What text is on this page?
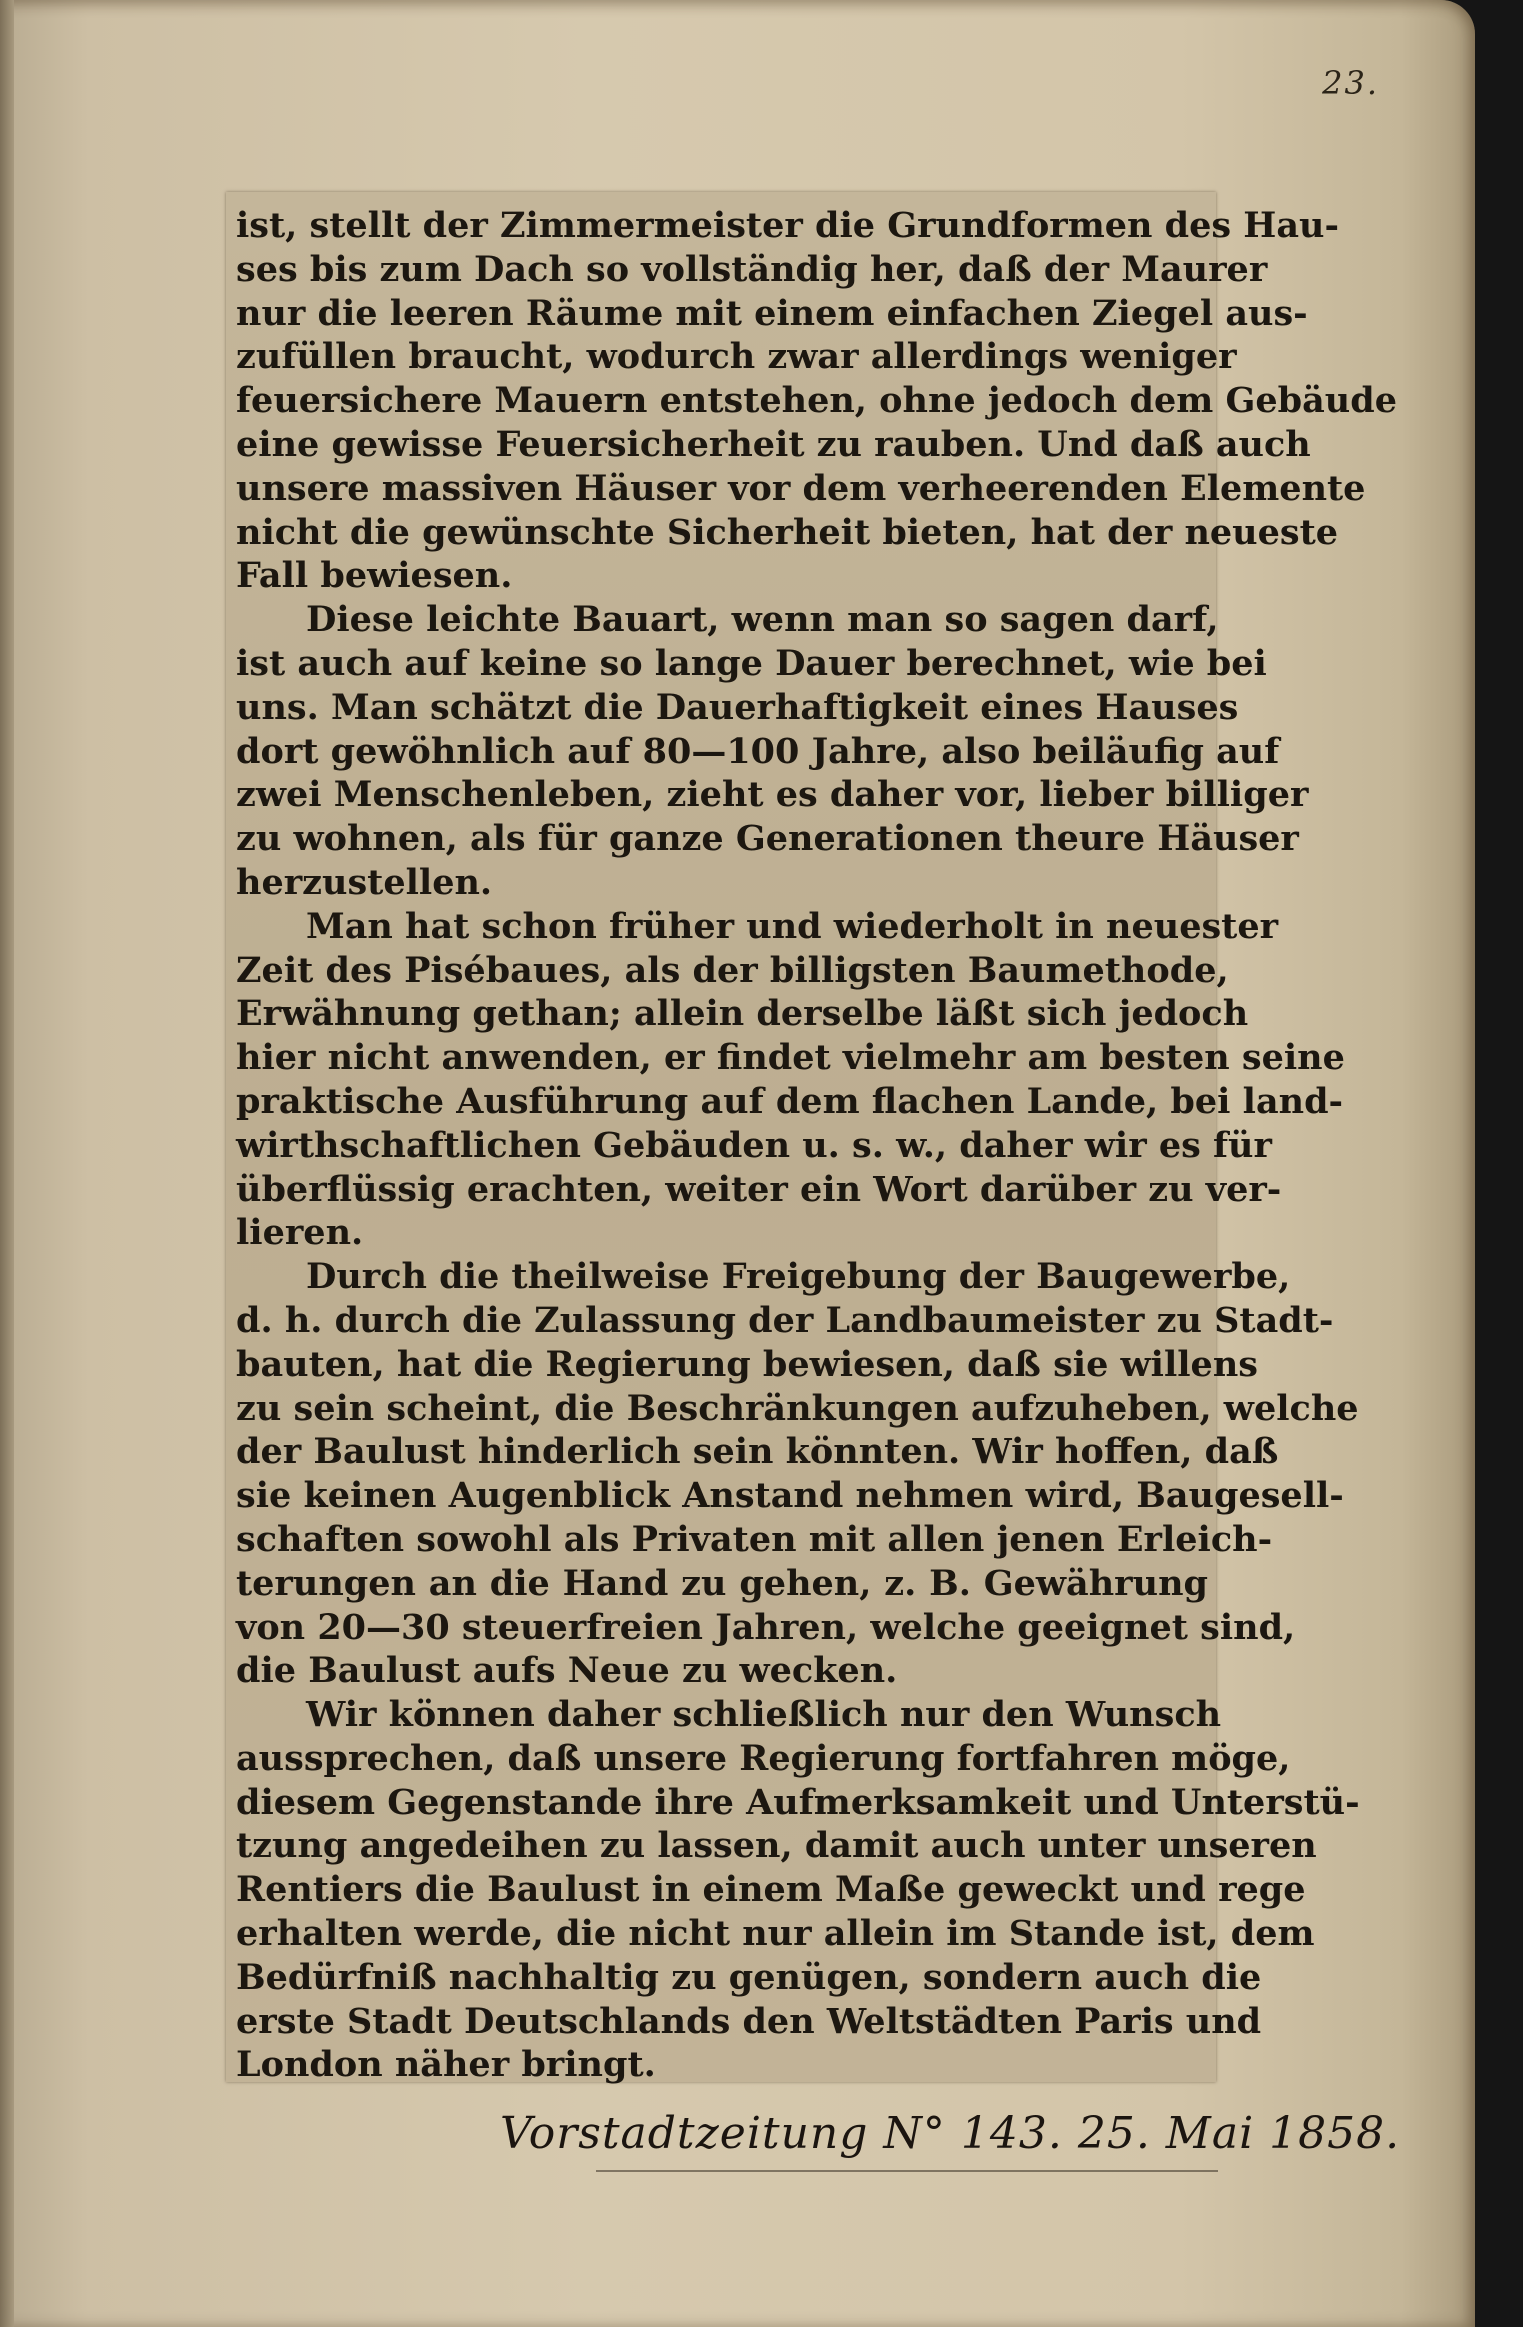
23.
ist, stellt der Zimmermeister die Grundformen des Hau-
ses bis zum Dach so vollständig her, daß der Maurer
nur die leeren Räume mit einem einfachen Ziegel aus-
zufüllen braucht, wodurch zwar allerdings weniger
feuersichere Mauern entstehen, ohne jedoch dem Gebäude
eine gewisse Feuersicherheit zu rauben. Und daß auch
unsere massiven Häuser vor dem verheerenden Elemente
nicht die gewünschte Sicherheit bieten, hat der neueste
Fall bewiesen.
Diese leichte Bauart, wenn man so sagen darf,
ist auch auf keine so lange Dauer berechnet, wie bei
uns. Man schätzt die Dauerhaftigkeit eines Hauses
dort gewöhnlich auf 80—100 Jahre, also beiläufig auf
zwei Menschenleben, zieht es daher vor, lieber billiger
zu wohnen, als für ganze Generationen theure Häuser
herzustellen.
Man hat schon früher und wiederholt in neuester
Zeit des Pisébaues, als der billigsten Baumethode,
Erwähnung gethan; allein derselbe läßt sich jedoch
hier nicht anwenden, er findet vielmehr am besten seine
praktische Ausführung auf dem flachen Lande, bei land-
wirthschaftlichen Gebäuden u. s. w., daher wir es für
überflüssig erachten, weiter ein Wort darüber zu ver-
lieren.
Durch die theilweise Freigebung der Baugewerbe,
d. h. durch die Zulassung der Landbaumeister zu Stadt-
bauten, hat die Regierung bewiesen, daß sie willens
zu sein scheint, die Beschränkungen aufzuheben, welche
der Baulust hinderlich sein könnten. Wir hoffen, daß
sie keinen Augenblick Anstand nehmen wird, Baugesell-
schaften sowohl als Privaten mit allen jenen Erleich-
terungen an die Hand zu gehen, z. B. Gewährung
von 20—30 steuerfreien Jahren, welche geeignet sind,
die Baulust aufs Neue zu wecken.
Wir können daher schließlich nur den Wunsch
aussprechen, daß unsere Regierung fortfahren möge,
diesem Gegenstande ihre Aufmerksamkeit und Unterstü-
tzung angedeihen zu lassen, damit auch unter unseren
Rentiers die Baulust in einem Maße geweckt und rege
erhalten werde, die nicht nur allein im Stande ist, dem
Bedürfniß nachhaltig zu genügen, sondern auch die
erste Stadt Deutschlands den Weltstädten Paris und
London näher bringt.
Vorstadtzeitung N° 143. 25. Mai 1858.
